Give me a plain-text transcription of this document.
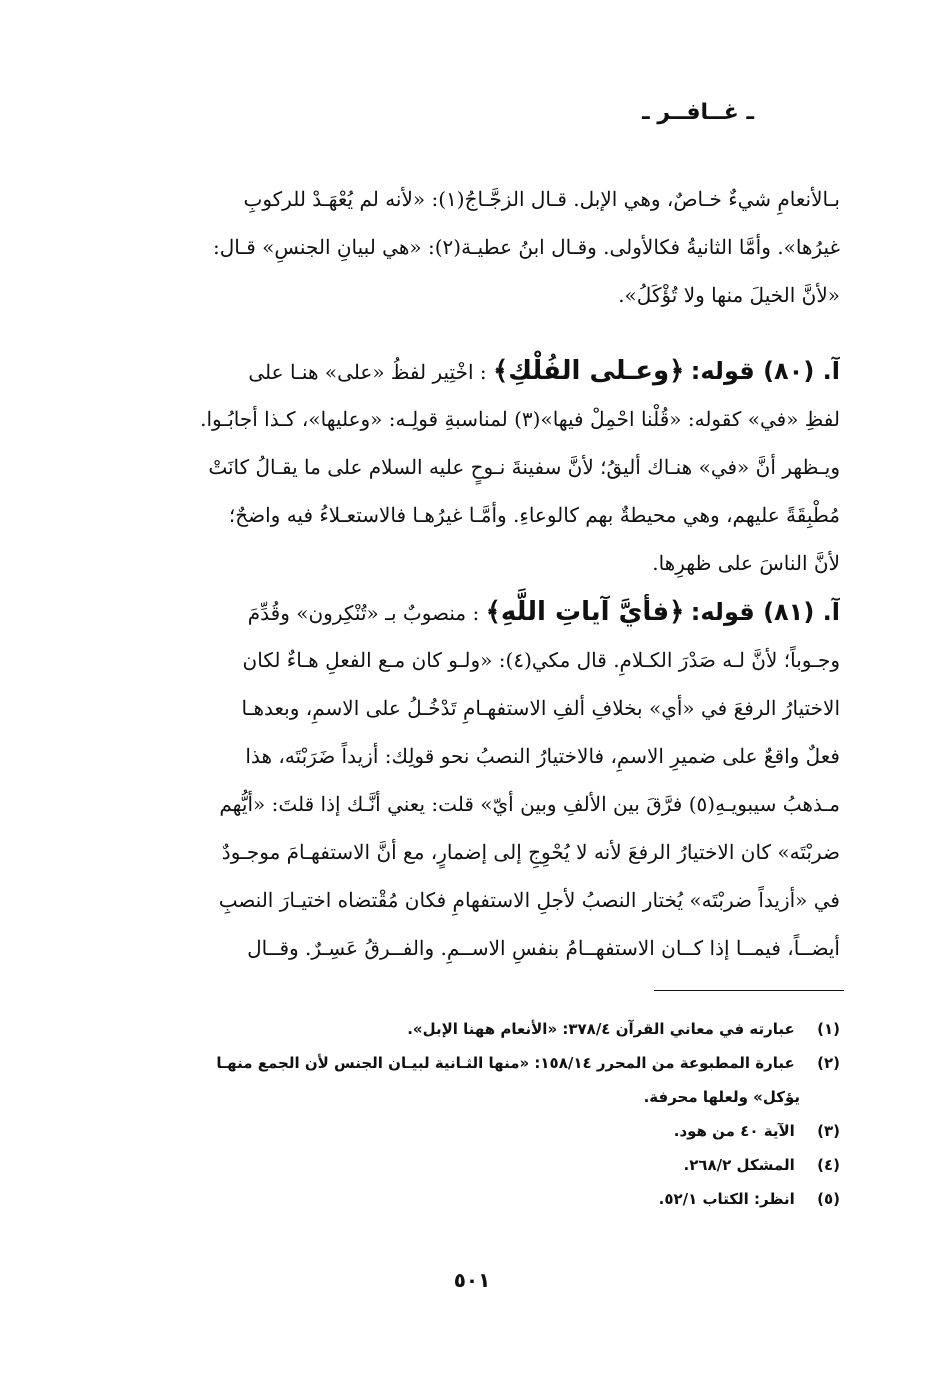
ـ غــافــر ـ
بـالأنعامِ شيءٌ خـاصٌ، وهي الإبل. قـال الزجَّـاجُ(١): «لأنه لم يُعْهَـدْ للركوبِ
غيرُها». وأمَّا الثانيةُ فكالأولى. وقـال ابنُ عطيـة(٢): «هي لبيانِ الجنسِ» قـال:
«لأنَّ الخيلَ منها ولا تُؤْكَلُ».
آ. (٨٠) قوله: ﴿وعـلى الفُلْكِ﴾ : اخْتِير لفظُ «على» هنـا على
لفظِ «في» كقوله: «قُلْنا احْمِلْ فيها»(٣) لمناسبةِ قولِـه: «وعليها»، كـذا أجابُـوا.
ويـظهر أنَّ «في» هنـاك أليقُ؛ لأنَّ سفينةَ نـوحٍ عليه السلام على ما يقـالُ كانَتْ
مُطْبِقَةً عليهم، وهي محيطةٌ بهم كالوعاءِ. وأمَّـا غيرُهـا فالاستعـلاءُ فيه واضحٌ؛
لأنَّ الناسَ على ظهرِها.
آ. (٨١) قوله: ﴿فأيَّ آياتِ اللَّهِ﴾ : منصوبٌ بـ «تُنْكِرون» وقُدِّمَ
وجـوباً؛ لأنَّ لـه صَدْرَ الكـلامِ. قال مكي(٤): «ولـو كان مـع الفعلِ هـاءٌ لكان
الاختيارُ الرفعَ في «أي» بخلافِ ألفِ الاستفهـامِ تَدْخُـلُ على الاسمِ، وبعدهـا
فعلٌ واقعٌ على ضميرِ الاسمِ، فالاختيارُ النصبُ نحو قولِك: أزيداً ضَرَبْتَه، هذا
مـذهبُ سيبويـهِ(٥) فرَّقَ بين الألفِ وبين أيّ» قلت: يعني أنَّـك إذا قلتَ: «أيُّهم
ضربْتَه» كان الاختيارُ الرفعَ لأنه لا يُحْوِجِ إلى إضمارٍ، مع أنَّ الاستفهـامَ موجـودٌ
في «أزيداً ضربْتَه» يُختار النصبُ لأجلِ الاستفهامِ فكان مُقْتضاه اختيـارَ النصبِ
أيضــاً، فيمــا إذا كــان الاستفهــامُ بنفسِ الاســمِ. والفــرقُ عَسِـرٌ. وقــال
(١) عبارته في معاني القرآن ٣٧٨/٤: «الأنعام ههنا الإبل».
(٢) عبارة المطبوعة من المحرر ١٥٨/١٤: «منها الثـانية لبيـان الجنس لأن الجمع منهـا
يؤكل» ولعلها محرفة.
(٣) الآية ٤٠ من هود.
(٤) المشكل ٢٦٨/٢.
(٥) انظر: الكتاب ٥٢/١.
٥٠١
